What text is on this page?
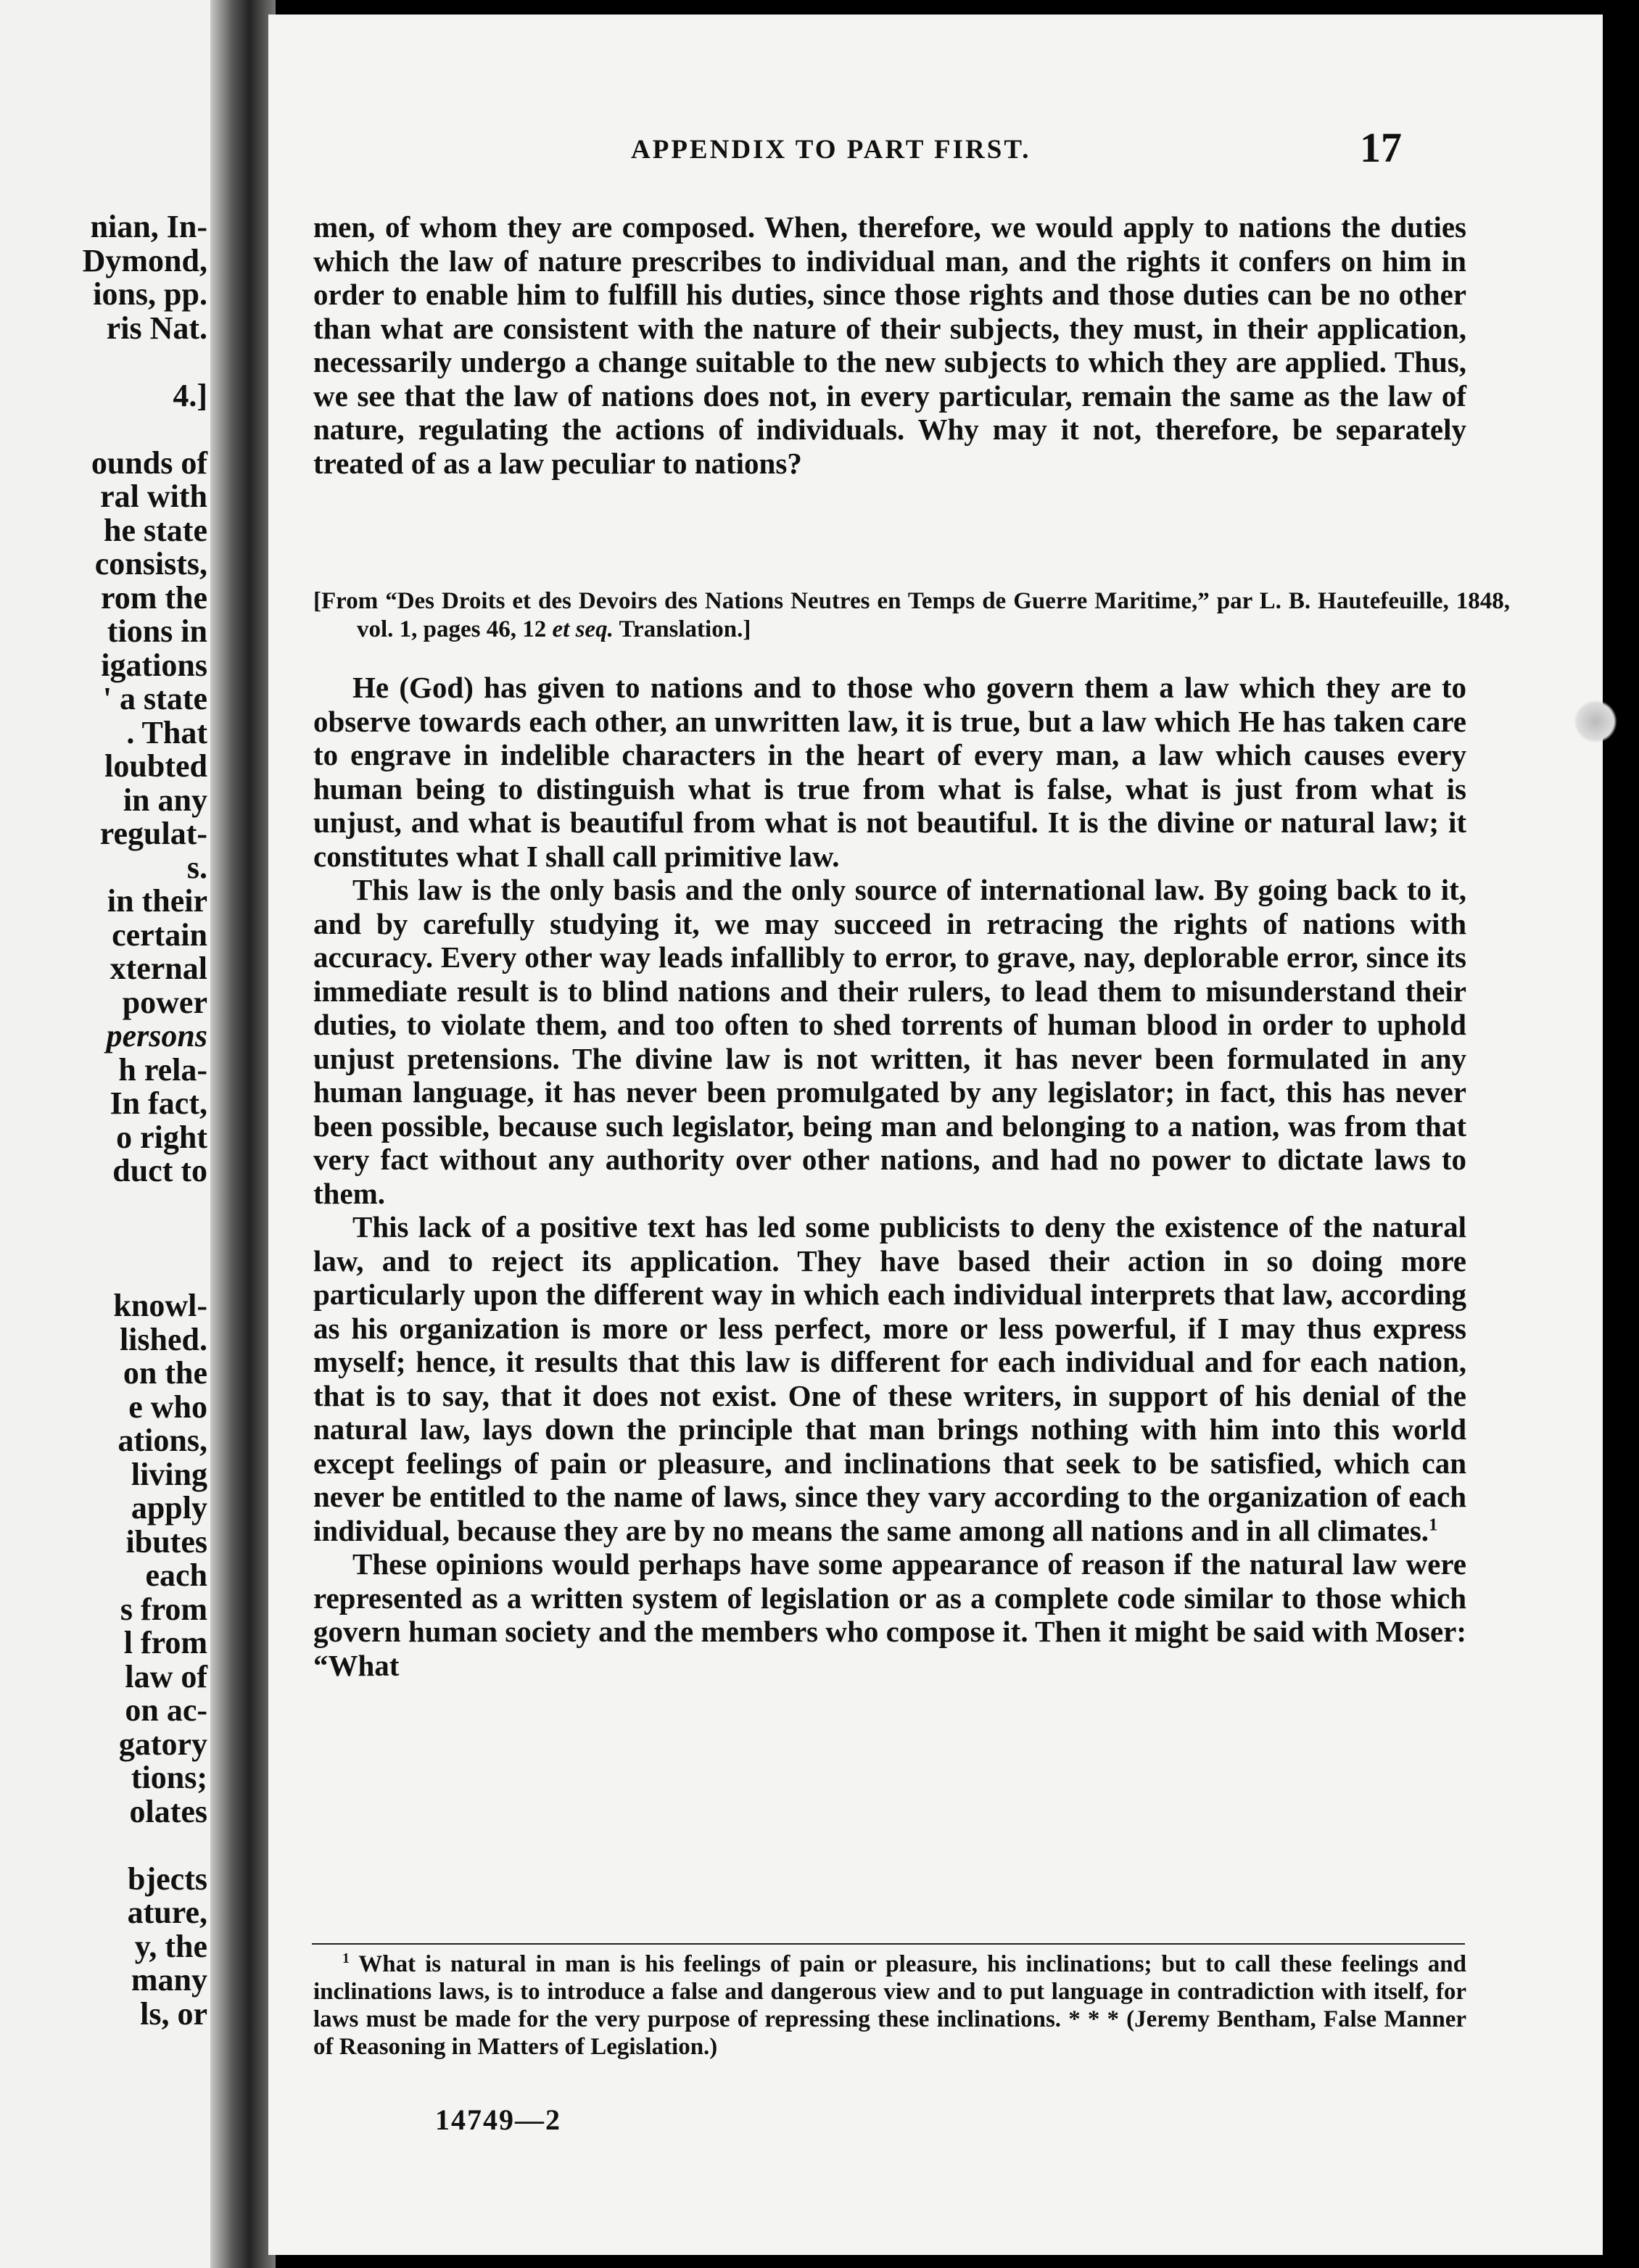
nian, In-
Dymond,
ions, pp.
ris Nat.
4.]
ounds of
ral with
he state
consists,
rom the
tions in
igations
' a state
. That
loubted
in any
regulat-
s.
in their
certain
xternal
power
persons
h rela-
In fact,
o right
duct to
knowl-
lished.
on the
e who
ations,
living
apply
ibutes
each
s from
l from
law of
on ac-
gatory
tions;
olates
bjects
ature,
y, the
many
ls, or
APPENDIX TO PART FIRST.	17
men, of whom they are composed. When, therefore, we would apply to nations the duties which the law of nature prescribes to individual man, and the rights it confers on him in order to enable him to fulfill his duties, since those rights and those duties can be no other than what are consistent with the nature of their subjects, they must, in their application, necessarily undergo a change suitable to the new subjects to which they are applied. Thus, we see that the law of nations does not, in every particular, remain the same as the law of nature, regulating the actions of individuals. Why may it not, therefore, be separately treated of as a law peculiar to nations?
[From “Des Droits et des Devoirs des Nations Neutres en Temps de Guerre Maritime,” par L. B. Hautefeuille, 1848, vol. 1, pages 46, 12 et seq. Translation.]

He (God) has given to nations and to those who govern them a law which they are to observe towards each other, an unwritten law, it is true, but a law which He has taken care to engrave in indelible characters in the heart of every man, a law which causes every human being to distinguish what is true from what is false, what is just from what is unjust, and what is beautiful from what is not beautiful. It is the divine or natural law; it constitutes what I shall call primitive law.

This law is the only basis and the only source of international law. By going back to it, and by carefully studying it, we may succeed in retracing the rights of nations with accuracy. Every other way leads infallibly to error, to grave, nay, deplorable error, since its immediate result is to blind nations and their rulers, to lead them to misunderstand their duties, to violate them, and too often to shed torrents of human blood in order to uphold unjust pretensions. The divine law is not written, it has never been formulated in any human language, it has never been promulgated by any legislator; in fact, this has never been possible, because such legislator, being man and belonging to a nation, was from that very fact without any authority over other nations, and had no power to dictate laws to them.

This lack of a positive text has led some publicists to deny the existence of the natural law, and to reject its application. They have based their action in so doing more particularly upon the different way in which each individual interprets that law, according as his organization is more or less perfect, more or less powerful, if I may thus express myself; hence, it results that this law is different for each individual and for each nation, that is to say, that it does not exist. One of these writers, in support of his denial of the natural law, lays down the principle that man brings nothing with him into this world except feelings of pain or pleasure, and inclinations that seek to be satisfied, which can never be entitled to the name of laws, since they vary according to the organization of each individual, because they are by no means the same among all nations and in all climates.$^1$

These opinions would perhaps have some appearance of reason if the natural law were represented as a written system of legislation or as a complete code similar to those which govern human society and the members who compose it. Then it might be said with Moser: “What

$^1$ What is natural in man is his feelings of pain or pleasure, his inclinations; but to call these feelings and inclinations laws, is to introduce a false and dangerous view and to put language in contradiction with itself, for laws must be made for the very purpose of repressing these inclinations. * * * (Jeremy Bentham, False Manner of Reasoning in Matters of Legislation.)
14749—2
